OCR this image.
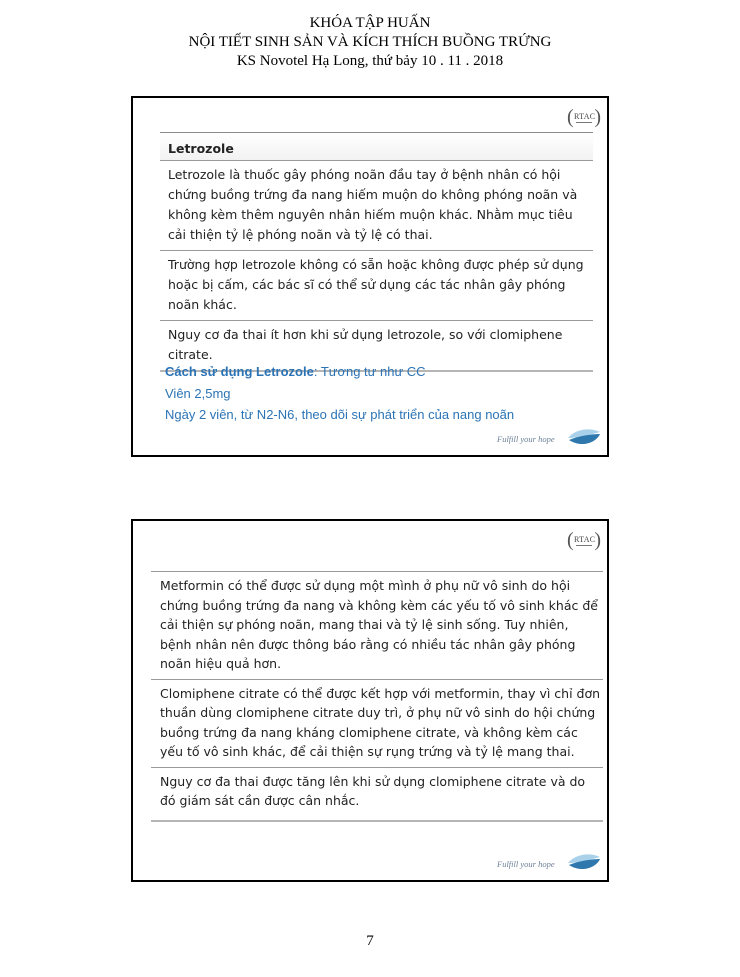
KHÓA TẬP HUẤN
NỘI TIẾT SINH SẢN VÀ KÍCH THÍCH BUỒNG TRỨNG
KS Novotel Hạ Long, thứ bảy 10 . 11 . 2018
( RTAC
)
Letrozole
Letrozole là thuốc gây phóng noãn đầu tay ở bệnh nhân có hội chứng buồng trứng đa nang hiếm muộn do không phóng noãn và không kèm thêm nguyên nhân hiếm muộn khác. Nhằm mục tiêu cải thiện tỷ lệ phóng noãn và tỷ lệ có thai.
Trường hợp letrozole không có sẵn hoặc không được phép sử dụng hoặc bị cấm, các bác sĩ có thể sử dụng các tác nhân gây phóng noãn khác.
Nguy cơ đa thai ít hơn khi sử dụng letrozole, so với clomiphene citrate.
Cách sử dụng Letrozole: Tương tư như CC
Viên 2,5mg
Ngày 2 viên, từ N2-N6, theo dõi sự phát triển của nang noãn
Fulfill your hope
( RTAC
)
Metformin có thể được sử dụng một mình ở phụ nữ vô sinh do hội chứng buồng trứng đa nang và không kèm các yếu tố vô sinh khác để cải thiện sự phóng noãn, mang thai và tỷ lệ sinh sống. Tuy nhiên, bệnh nhân nên được thông báo rằng có nhiều tác nhân gây phóng noãn hiệu quả hơn.
Clomiphene citrate có thể được kết hợp với metformin, thay vì chỉ đơn thuần dùng clomiphene citrate duy trì, ở phụ nữ vô sinh do hội chứng buồng trứng đa nang kháng clomiphene citrate, và không kèm các yếu tố vô sinh khác, để cải thiện sự rụng trứng và tỷ lệ mang thai.
Nguy cơ đa thai được tăng lên khi sử dụng clomiphene citrate và do đó giám sát cần được cân nhắc.
Fulfill your hope
7
